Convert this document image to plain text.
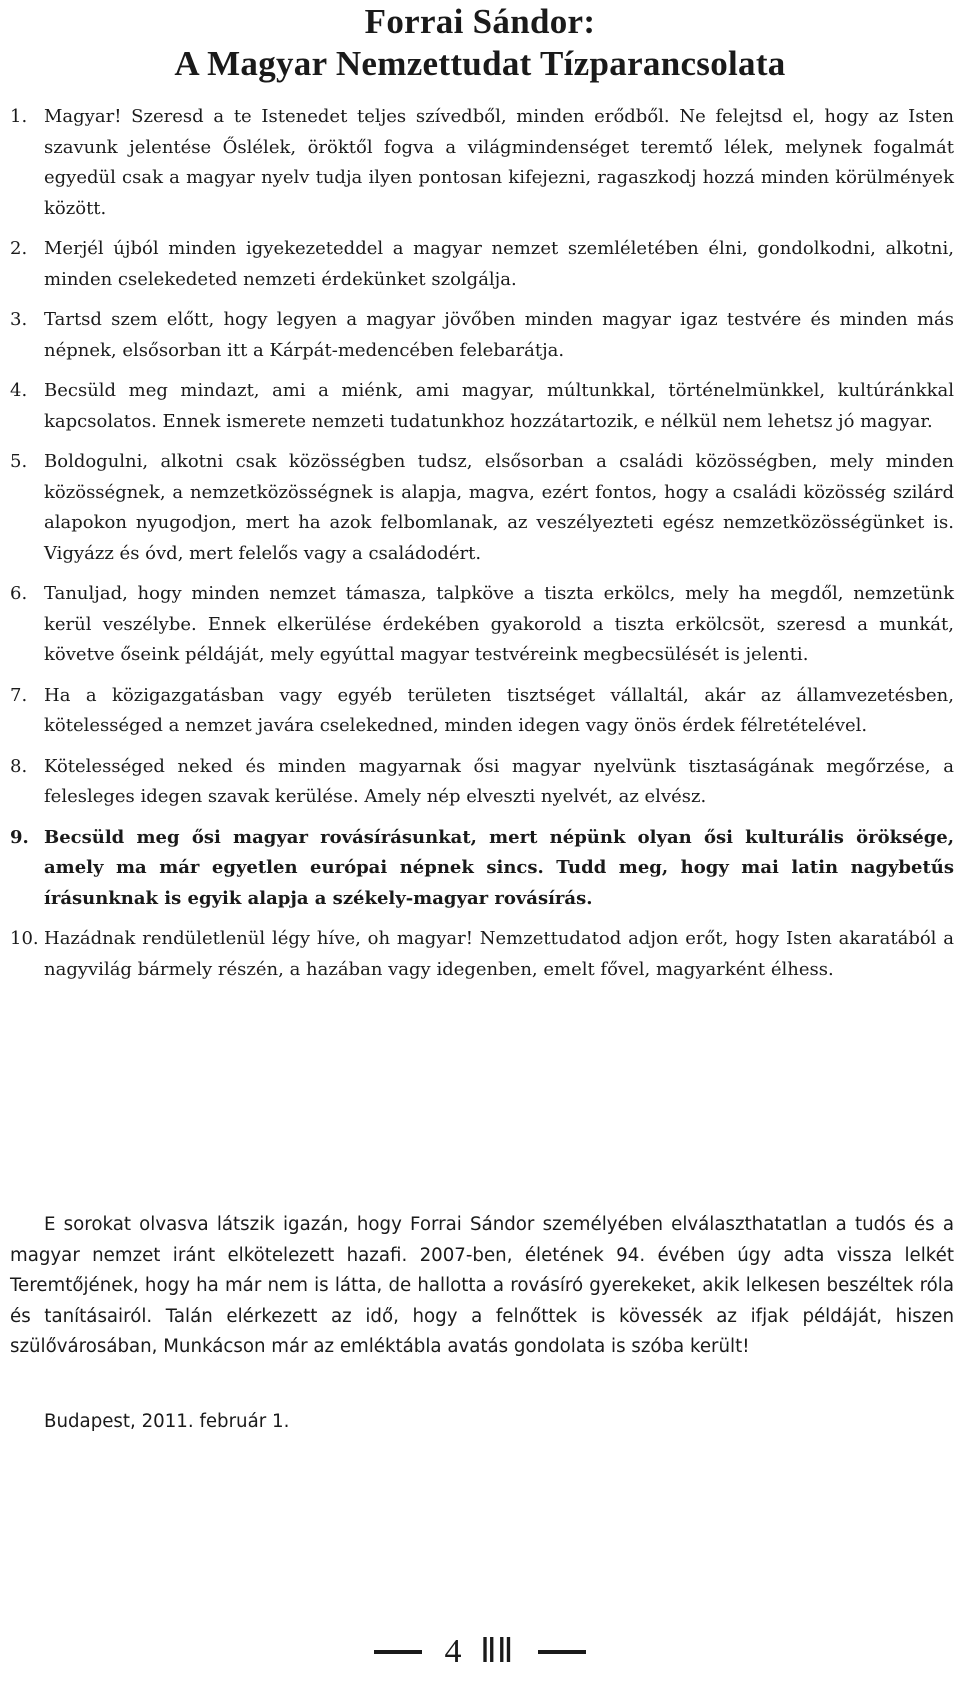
Forrai Sándor:
A Magyar Nemzettudat Tízparancsolata
1. Magyar! Szeresd a te Istenedet teljes szívedből, minden erődből. Ne felejtsd el, hogy az Isten szavunk jelentése Őslélek, öröktől fogva a világmindenséget teremtő lélek, melynek fogalmát egyedül csak a magyar nyelv tudja ilyen pontosan kifejezni, ragaszkodj hozzá minden körülmények között.
2. Merjél újból minden igyekezeteddel a magyar nemzet szemléletében élni, gondolkodni, alkotni, minden cselekedeted nemzeti érdekünket szolgálja.
3. Tartsd szem előtt, hogy legyen a magyar jövőben minden magyar igaz testvére és minden más népnek, elsősorban itt a Kárpát-medencében felebarátja.
4. Becsüld meg mindazt, ami a miénk, ami magyar, múltunkkal, történelmünkkel, kultúránkkal kapcsolatos. Ennek ismerete nemzeti tudatunkhoz hozzátartozik, e nélkül nem lehetsz jó magyar.
5. Boldogulni, alkotni csak közösségben tudsz, elsősorban a családi közösségben, mely minden közösségnek, a nemzetközösségnek is alapja, magva, ezért fontos, hogy a családi közösség szilárd alapokon nyugodjon, mert ha azok felbomlanak, az veszélyezteti egész nemzetközösségünket is. Vigyázz és óvd, mert felelős vagy a családodért.
6. Tanuljad, hogy minden nemzet támasza, talpköve a tiszta erkölcs, mely ha megdől, nemzetünk kerül veszélybe. Ennek elkerülése érdekében gyakorold a tiszta erkölcsöt, szeresd a munkát, követve őseink példáját, mely egyúttal magyar testvéreink megbecsülését is jelenti.
7. Ha a közigazgatásban vagy egyéb területen tisztséget vállaltál, akár az államvezetésben, kötelességed a nemzet javára cselekedned, minden idegen vagy önös érdek félretételével.
8. Kötelességed neked és minden magyarnak ősi magyar nyelvünk tisztaságának megőrzése, a felesleges idegen szavak kerülése. Amely nép elveszti nyelvét, az elvész.
9. Becsüld meg ősi magyar rovásírásunkat, mert népünk olyan ősi kulturális öröksége, amely ma már egyetlen európai népnek sincs. Tudd meg, hogy mai latin nagybetűs írásunknak is egyik alapja a székely-magyar rovásírás.
10. Hazádnak rendületlenül légy híve, oh magyar! Nemzettudatod adjon erőt, hogy Isten akaratából a nagyvilág bármely részén, a hazában vagy idegenben, emelt fővel, magyarként élhess.

E sorokat olvasva látszik igazán, hogy Forrai Sándor személyében elválaszthatatlan a tudós és a magyar nemzet iránt elkötelezett hazafi. 2007-ben, életének 94. évében úgy adta vissza lelkét Teremtőjének, hogy ha már nem is látta, de hallotta a rovásíró gyerekeket, akik lelkesen beszéltek róla és tanításairól. Talán elérkezett az idő, hogy a felnőttek is kövessék az ifjak példáját, hiszen szülővárosában, Munkácson már az emléktábla avatás gondolata is szóba került!

Budapest, 2011. február 1.

4 ⅡⅡ
